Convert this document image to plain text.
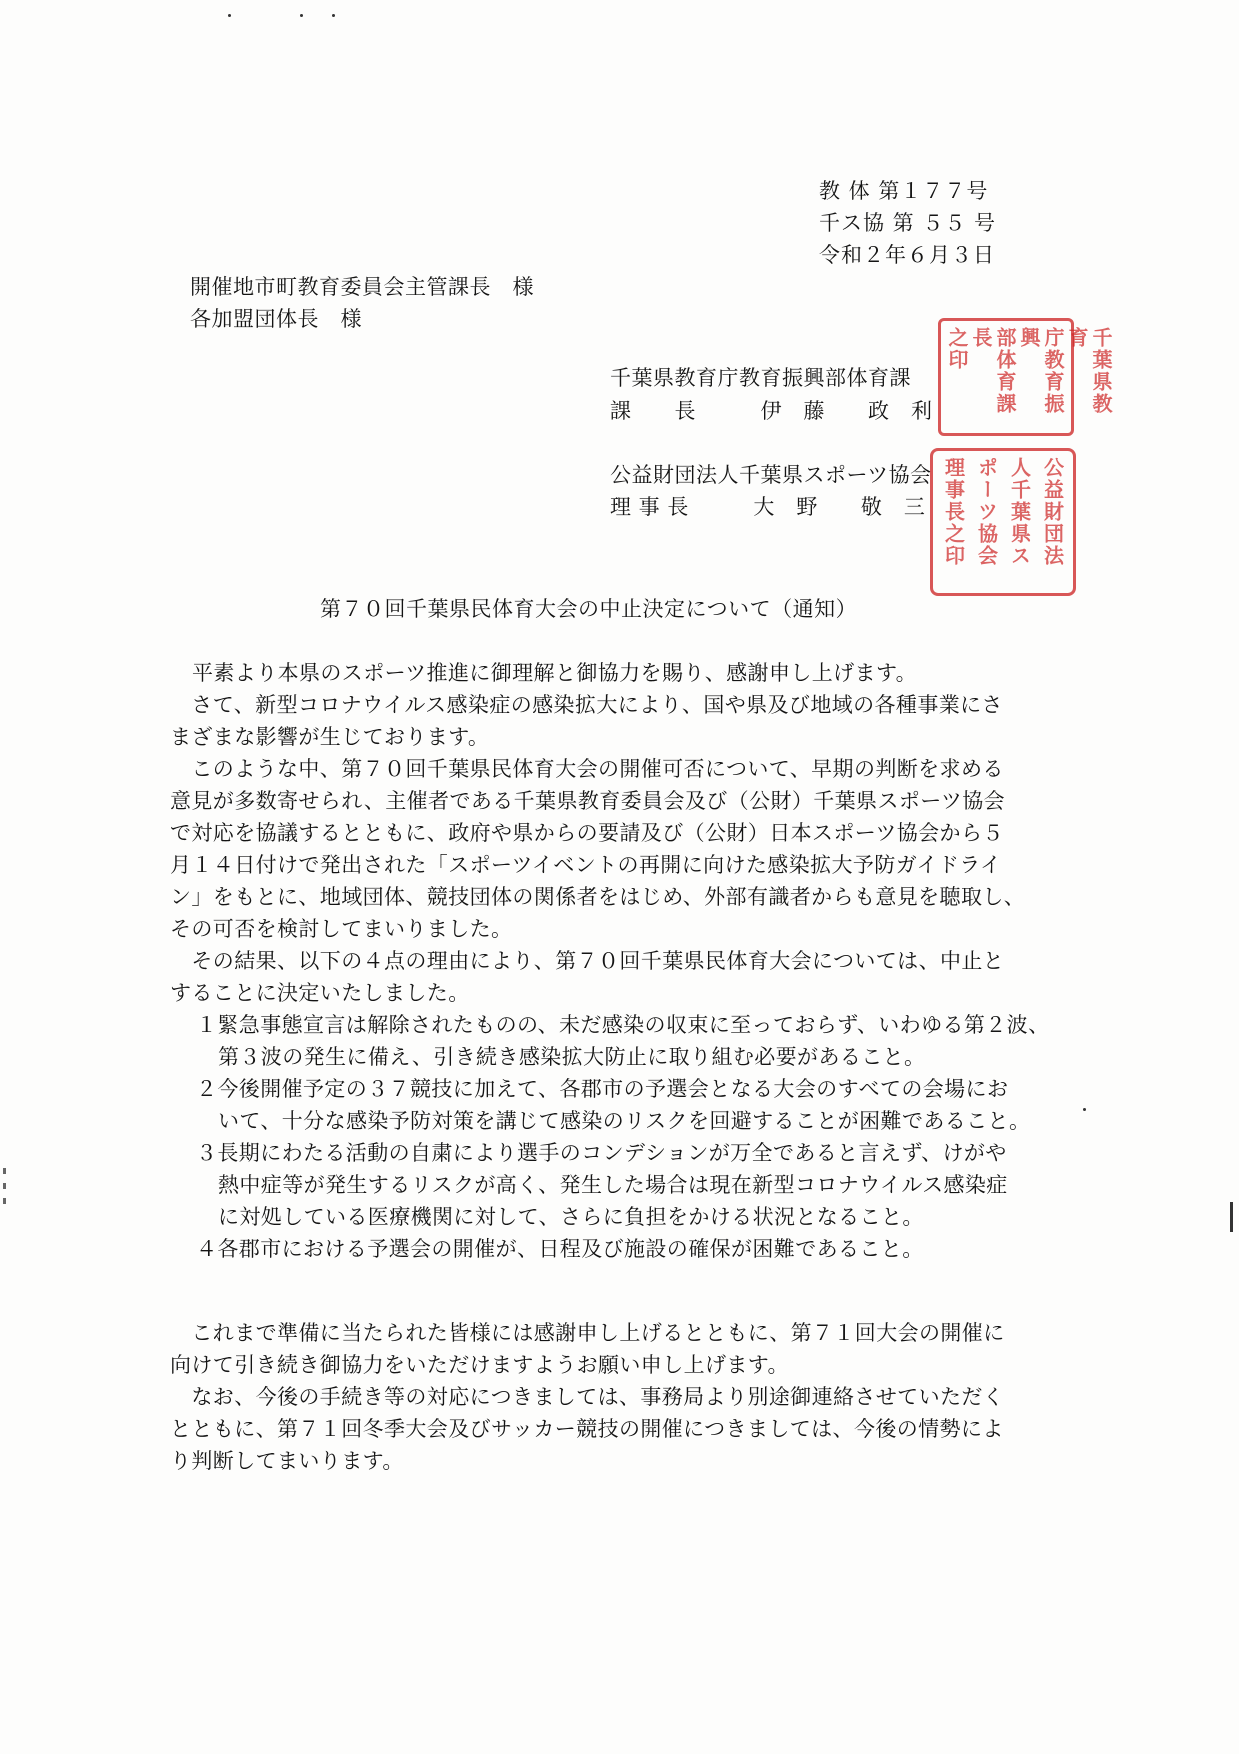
教 体 第１７７号
千ス協 第 ５５ 号
令和２年６月３日
開催地市町教育委員会主管課長　様
各加盟団体長　様
千葉県教育庁教育振興部体育課
課　　長　　　伊　藤　　政　利
公益財団法人千葉県スポーツ協会
理 事 長　　　大　野　　敬　三
千葉県教育
庁教育振興
部体育課長
之印
公益財団法
人千葉県ス
ポーツ協会
理事長之印
第７０回千葉県民体育大会の中止決定について（通知）
平素より本県のスポーツ推進に御理解と御協力を賜り、感謝申し上げます。
　さて、新型コロナウイルス感染症の感染拡大により、国や県及び地域の各種事業にさ
まざまな影響が生じております。
　このような中、第７０回千葉県民体育大会の開催可否について、早期の判断を求める
意見が多数寄せられ、主催者である千葉県教育委員会及び（公財）千葉県スポーツ協会
で対応を協議するとともに、政府や県からの要請及び（公財）日本スポーツ協会から５
月１４日付けで発出された「スポーツイベントの再開に向けた感染拡大予防ガイドライ
ン」をもとに、地域団体、競技団体の関係者をはじめ、外部有識者からも意見を聴取し、
その可否を検討してまいりました。
　その結果、以下の４点の理由により、第７０回千葉県民体育大会については、中止と
することに決定いたしました。
１緊急事態宣言は解除されたものの、未だ感染の収束に至っておらず、いわゆる第２波、
第３波の発生に備え、引き続き感染拡大防止に取り組む必要があること。
２今後開催予定の３７競技に加えて、各郡市の予選会となる大会のすべての会場にお
いて、十分な感染予防対策を講じて感染のリスクを回避することが困難であること。
３長期にわたる活動の自粛により選手のコンデションが万全であると言えず、けがや
熱中症等が発生するリスクが高く、発生した場合は現在新型コロナウイルス感染症
に対処している医療機関に対して、さらに負担をかける状況となること。
４各郡市における予選会の開催が、日程及び施設の確保が困難であること。
　これまで準備に当たられた皆様には感謝申し上げるとともに、第７１回大会の開催に
向けて引き続き御協力をいただけますようお願い申し上げます。
　なお、今後の手続き等の対応につきましては、事務局より別途御連絡させていただく
とともに、第７１回冬季大会及びサッカー競技の開催につきましては、今後の情勢によ
り判断してまいります。
